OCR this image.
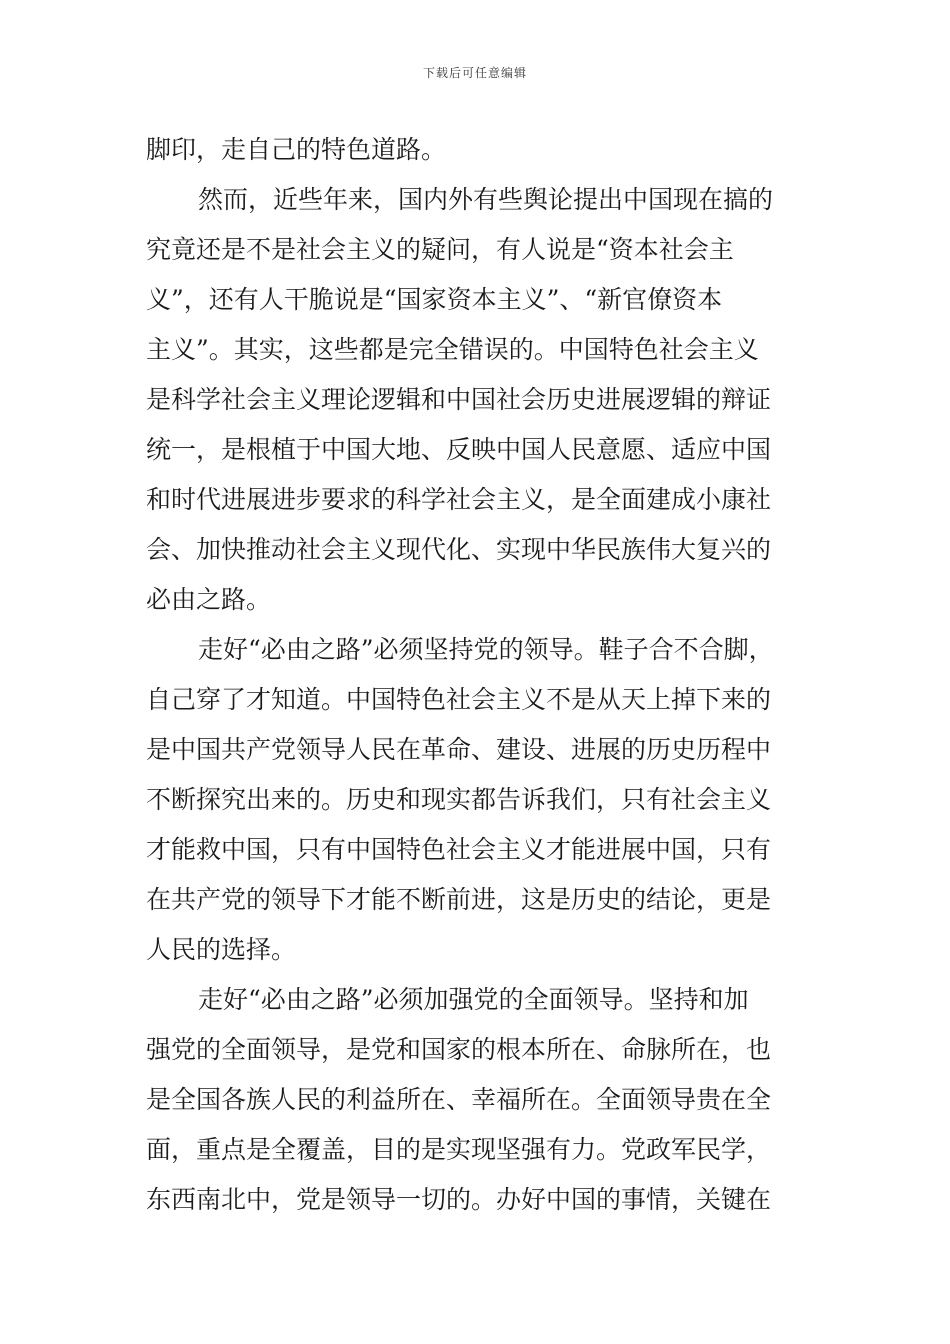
下载后可任意编辑
脚印，走自己的特色道路。
然而，近些年来，国内外有些舆论提出中国现在搞的
究竟还是不是社会主义的疑问，有人说是“资本社会主
义”，还有人干脆说是“国家资本主义”、“新官僚资本
主义”。其实，这些都是完全错误的。中国特色社会主义
是科学社会主义理论逻辑和中国社会历史进展逻辑的辩证
统一，是根植于中国大地、反映中国人民意愿、适应中国
和时代进展进步要求的科学社会主义，是全面建成小康社
会、加快推动社会主义现代化、实现中华民族伟大复兴的
必由之路。
走好“必由之路”必须坚持党的领导。鞋子合不合脚，
自己穿了才知道。中国特色社会主义不是从天上掉下来的
是中国共产党领导人民在革命、建设、进展的历史历程中
不断探究出来的。历史和现实都告诉我们，只有社会主义
才能救中国，只有中国特色社会主义才能进展中国，只有
在共产党的领导下才能不断前进，这是历史的结论，更是
人民的选择。
走好“必由之路”必须加强党的全面领导。坚持和加
强党的全面领导，是党和国家的根本所在、命脉所在，也
是全国各族人民的利益所在、幸福所在。全面领导贵在全
面，重点是全覆盖，目的是实现坚强有力。党政军民学，
东西南北中，党是领导一切的。办好中国的事情，关键在
